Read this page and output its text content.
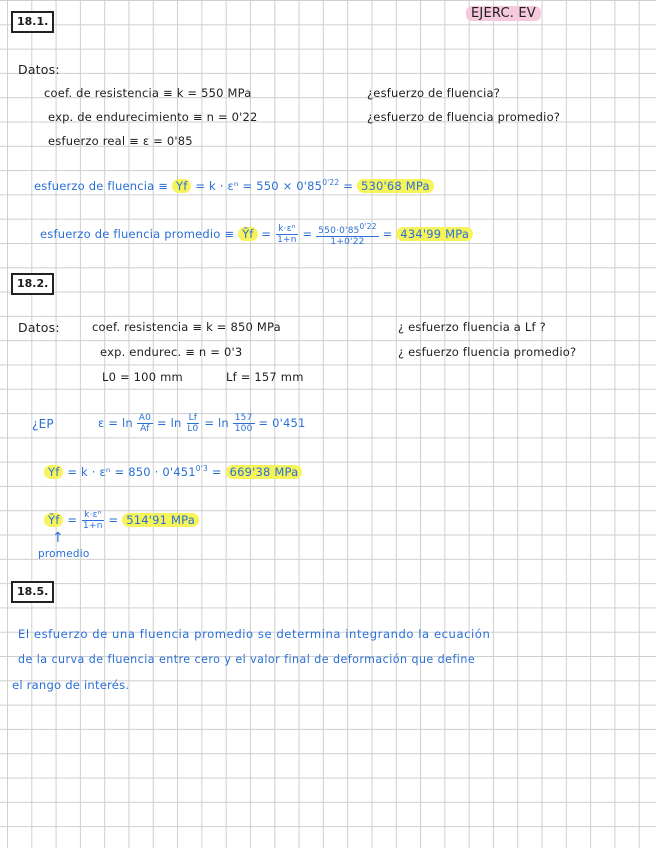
18.1.
EJERC. EV
Datos:
coef. de resistencia ≡ k = 550 MPa
exp. de endurecimiento ≡ n = 0'22
esfuerzo real ≡ ε = 0'85
¿esfuerzo de fluencia?
¿esfuerzo de fluencia promedio?
esfuerzo de fluencia ≡ $Yf = k \cdot \varepsilon^n = 550 \times 0'85^{0'22} = 530'68$ MPa
esfuerzo de fluencia promedio ≡ Ȳf = $\frac{\text{k·εⁿ}}{1+n} = \frac{550\cdot 0'85^{0'22}}{1+0'22} = 434'99$ MPa
18.2.
Datos:	coef. resistencia ≡ k = 850 MPa
exp. endurec. ≡ n = 0'3
L0 = 100 mm	Lf = 157 mm
¿ esfuerzo fluencia a Lf ?
¿ esfuerzo fluencia promedio?
¿EP	$\varepsilon = \ln \frac{A0}{Af} = \ln \frac{Lf}{L0} = \ln \frac{157}{100} = 0'451$
$Yf = k \cdot \varepsilon^n = 850 \cdot 0'451^{0'3} = 669'38$ MPa
Ȳf = $\frac{\text{k·εⁿ}}{1+n} = 514'91$ MPa
↑
promedio
18.5.
El esfuerzo de una fluencia promedio se determina integrando la ecuación
de la curva de fluencia entre cero y el valor final de deformación que define
el rango de interés.
